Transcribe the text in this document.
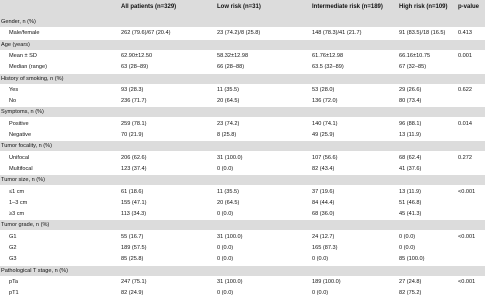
All patients (n=329)	Low risk (n=31)	Intermediate risk (n=189)	High risk (n=109) p-value
Gender, n (%)
Male/female	262 (79.6)/67 (20.4)	23 (74.2)/8 (25.8)	148 (78.3)/41 (21.7)	91 (83.5)/18 (16.5) 0.413
Age (years)
Mean ± SD	62.90±12.50	58.32±12.98	61.76±12.98	66.16±10.75	0.001
Median (range)	63 (28–89)	66 (28–88)	63.5 (32–89)	67 (32–85)
History of smoking, n (%)
Yes	93 (28.3)	11 (35.5)	53 (28.0)	29 (26.6)	0.622
No	236 (71.7)	20 (64.5)	136 (72.0)	80 (73.4)
Symptoms, n (%)
Positive	259 (78.1)	23 (74.2)	140 (74.1)	96 (88.1)	0.014
Negative	70 (21.9)	8 (25.8)	49 (25.9)	13 (11.9)
Tumor focality, n (%)
Unifocal	206 (62.6)	31 (100.0)	107 (56.6)	68 (62.4)	0.272
Multifocal	123 (37.4)	0 (0.0)	82 (43.4)	41 (37.6)
Tumor size, n (%)
≤1 cm	61 (18.6)	11 (35.5)	37 (19.6)	13 (11.9)	<0.001
1–3 cm	155 (47.1)	20 (64.5)	84 (44.4)	51 (46.8)
≥3 cm	113 (34.3)	0 (0.0)	68 (36.0)	45 (41.3)
Tumor grade, n (%)
G1	55 (16.7)	31 (100.0)	24 (12.7)	0 (0.0)	<0.001
G2	189 (57.5)	0 (0.0)	165 (87.3)	0 (0.0)
G3	85 (25.8)	0 (0.0)	0 (0.0)	85 (100.0)
Pathological T stage, n (%)
pTa	247 (75.1)	31 (100.0)	189 (100.0)	27 (24.8)	<0.001
pT1	82 (24.9)	0 (0.0)	0 (0.0)	82 (75.2)
